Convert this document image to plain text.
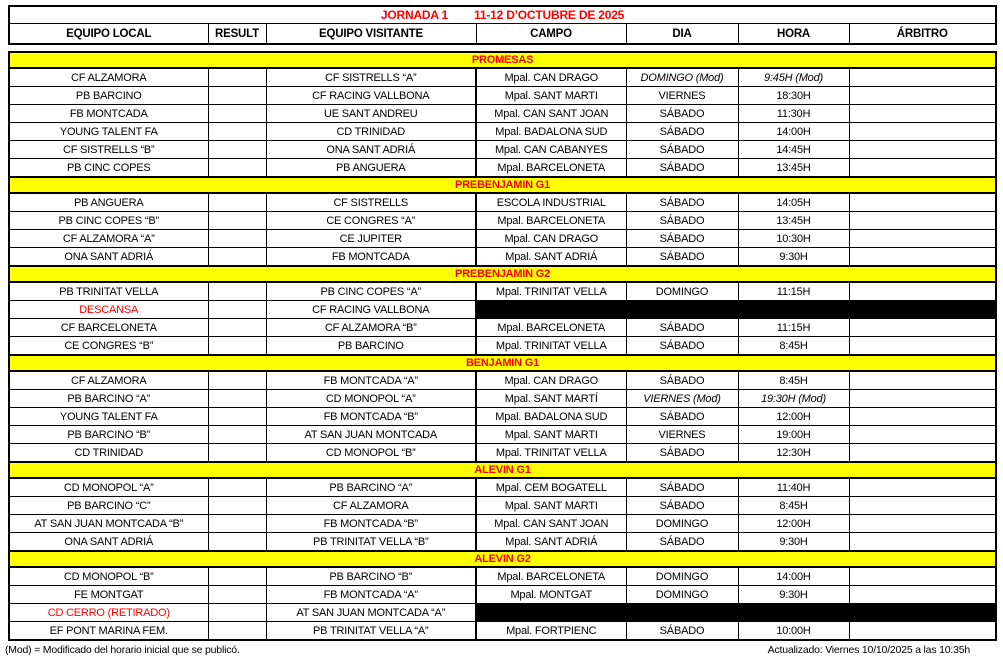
JORNADA 1 11-12 D’OCTUBRE DE 2025
EQUIPO LOCAL	RESULT	EQUIPO VISITANTE	CAMPO	DIA	HORA	ÁRBITRO
PROMESAS						
CF ALZAMORA		CF SISTRELLS “A”	Mpal. CAN DRAGO	DOMINGO (Mod)	9:45H (Mod)	
PB BARCINO		CF RACING VALLBONA	Mpal. SANT MARTI	VIERNES	18:30H	
FB MONTCADA		UE SANT ANDREU	Mpal. CAN SANT JOAN	SÁBADO	11:30H	
YOUNG TALENT FA		CD TRINIDAD	Mpal. BADALONA SUD	SÁBADO	14:00H	
CF SISTRELLS “B”		ONA SANT ADRIÁ	Mpal. CAN CABANYES	SÁBADO	14:45H	
PB CINC COPES		PB ANGUERA	Mpal. BARCELONETA	SÁBADO	13:45H	
PREBENJAMIN G1						
PB ANGUERA		CF SISTRELLS	ESCOLA INDUSTRIAL	SÁBADO	14:05H	
PB CINC COPES “B”		CE CONGRES “A”	Mpal. BARCELONETA	SÁBADO	13:45H	
CF ALZAMORA “A”		CE JUPITER	Mpal. CAN DRAGO	SÁBADO	10:30H	
ONA SANT ADRIÁ		FB MONTCADA	Mpal. SANT ADRIÁ	SÁBADO	9:30H	
PREBENJAMIN G2						
PB TRINITAT VELLA		PB CINC COPES “A”	Mpal. TRINITAT VELLA	DOMINGO	11:15H	
DESCANSA		CF RACING VALLBONA				
CF BARCELONETA		CF ALZAMORA “B”	Mpal. BARCELONETA	SÁBADO	11:15H	
CE CONGRES “B”		PB BARCINO	Mpal. TRINITAT VELLA	SÁBADO	8:45H	
BENJAMIN G1						
CF ALZAMORA		FB MONTCADA “A”	Mpal. CAN DRAGO	SÁBADO	8:45H	
PB BARCINO “A”		CD MONOPOL “A”	Mpal. SANT MARTÍ	VIERNES (Mod)	19:30H (Mod)	
YOUNG TALENT FA		FB MONTCADA “B”	Mpal. BADALONA SUD	SÁBADO	12:00H	
PB BARCINO “B”		AT SAN JUAN MONTCADA	Mpal. SANT MARTI	VIERNES	19:00H	
CD TRINIDAD		CD MONOPOL “B”	Mpal. TRINITAT VELLA	SÁBADO	12:30H	
ALEVIN G1						
CD MONOPOL “A”		PB BARCINO “A”	Mpal. CEM BOGATELL	SÁBADO	11:40H	
PB BARCINO “C”		CF ALZAMORA	Mpal. SANT MARTI	SÁBADO	8:45H	
AT SAN JUAN MONTCADA “B”		FB MONTCADA “B”	Mpal. CAN SANT JOAN	DOMINGO	12:00H	
ONA SANT ADRIÁ		PB TRINITAT VELLA “B”	Mpal. SANT ADRIÁ	SÁBADO	9:30H	
ALEVIN G2						
CD MONOPOL “B”		PB BARCINO “B”	Mpal. BARCELONETA	DOMINGO	14:00H	
FE MONTGAT		FB MONTCADA “A”	Mpal. MONTGAT	DOMINGO	9:30H	
CD CERRO (RETIRADO)		AT SAN JUAN MONTCADA “A”				
EF PONT MARINA FEM.		PB TRINITAT VELLA “A”	Mpal. FORTPIENC	SÁBADO	10:00H	
(Mod) = Modificado del horario inicial que se publicó.	Actualizado: Viernes 10/10/2025 a las 10:35h
